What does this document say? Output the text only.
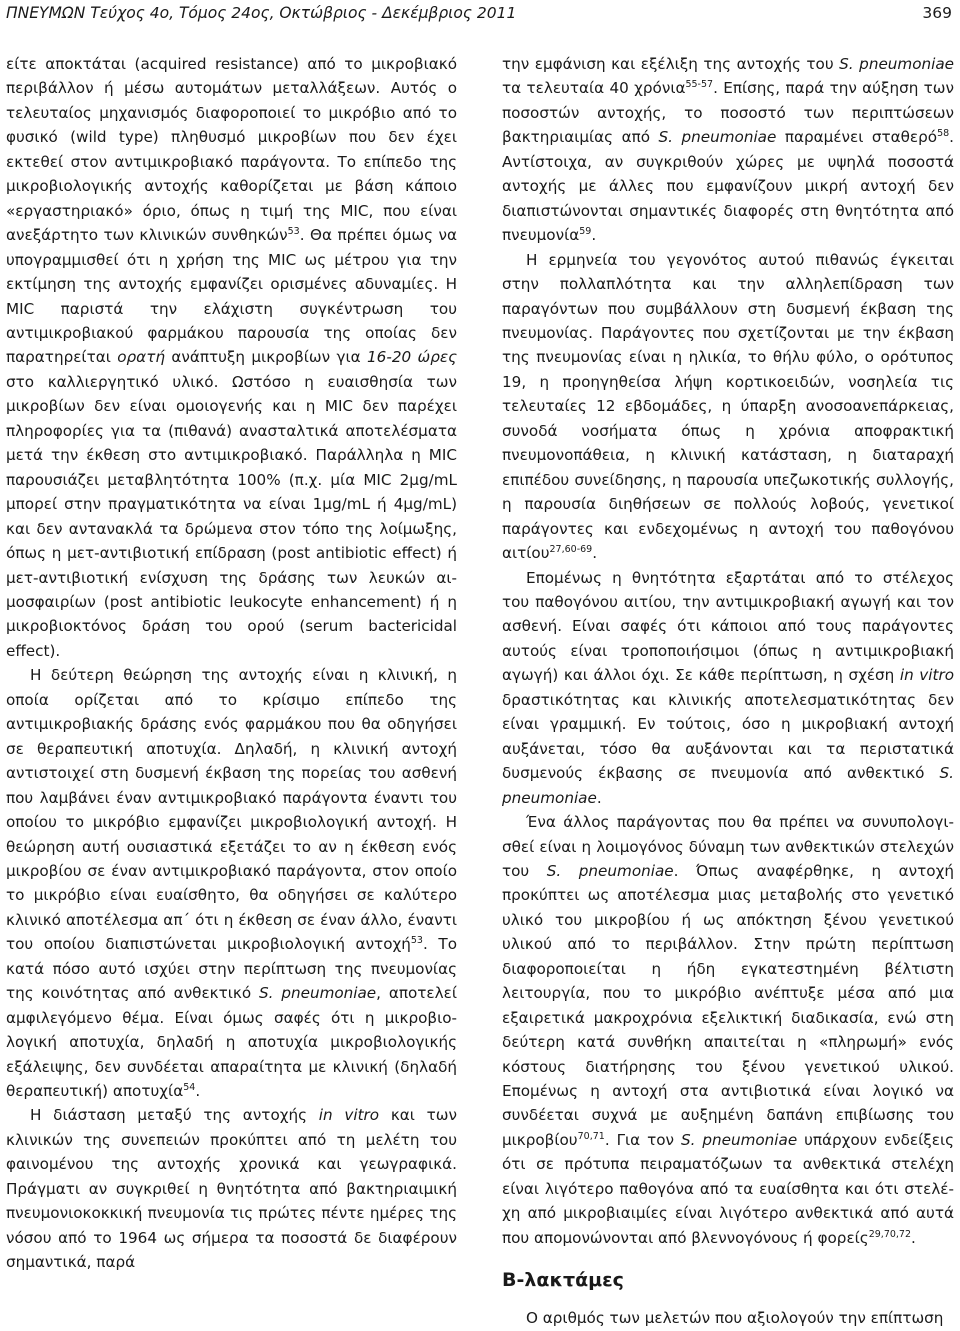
ΠΝΕΥΜΩΝ Τεύχος 4ο, Τόμος 24ος, Οκτώβριος - Δεκέμβριος 2011	369

είτε αποκτάται (acquired resistance) από το μικροβιακό περιβάλλον ή μέσω αυτομάτων μεταλλάξεων. Αυτός ο τελευταίος μηχανισμός διαφοροποιεί το μικρόβιο από το φυσικό (wild type) πληθυσμό μικροβίων που δεν έχει εκτεθεί στον αντιμικροβιακό παράγοντα. Το επίπεδο της μικροβιολογικής αντοχής καθορίζεται με βάση κάποιο «εργαστηριακό» όριο, όπως η τιμή της MIC, που είναι ανεξάρτητο των κλινικών συνθηκών$^{53}$. Θα πρέπει όμως να υπογραμμισθεί ότι η χρήση της MIC ως μέτρου για την εκτίμηση της αντοχής εμφανίζει ορισμένες αδυναμίες. Η MIC παριστά την ελάχιστη συγκέντρωση του αντιμικροβιακού φαρμάκου παρουσία της οποίας δεν παρατηρείται ορατή ανάπτυξη μικροβίων για 16-20 ώρες στο καλλιεργητικό υλικό. Ωστόσο η ευαισθησία των μικροβίων δεν είναι ομοιογενής και η MIC δεν παρέχει πληροφορίες για τα (πιθανά) ανασταλτικά αποτελέσματα μετά την έκθεση στο αντιμικροβιακό. Παράλληλα η MIC παρουσιάζει μεταβλητότητα 100% (π.χ. μία MIC 2μg/mL μπορεί στην πραγματικότητα να είναι 1μg/mL ή 4μg/mL) και δεν αντανακλά τα δρώμενα στον τόπο της λοίμωξης, όπως η μετ-αντιβιοτική επίδραση (post antibiotic effect) ή μετ-αντιβιοτική ενίσχυση της δράσης των λευκών αιμοσφαιρίων (post antibiotic leukocyte enhancement) ή η μικροβιοκτόνος δράση του ορού (serum bactericidal effect).

Η δεύτερη θεώρηση της αντοχής είναι η κλινική, η οποία ορίζεται από το κρίσιμο επίπεδο της αντιμικροβιακής δράσης ενός φαρμάκου που θα οδηγήσει σε θεραπευτική αποτυχία. Δηλαδή, η κλινική αντοχή αντιστοιχεί στη δυσμενή έκβαση της πορείας του ασθενή που λαμβάνει έναν αντιμικροβιακό παράγοντα έναντι του οποίου το μικρόβιο εμφανίζει μικροβιολογική αντοχή. Η θεώρηση αυτή ουσιαστικά εξετάζει το αν η έκθεση ενός μικροβίου σε έναν αντιμικροβιακό παράγοντα, στον οποίο το μικρόβιο είναι ευαίσθητο, θα οδηγήσει σε καλύτερο κλινικό αποτέλεσμα απ΄ ότι η έκθεση σε έναν άλλο, έναντι του οποίου διαπιστώνεται μικροβιολογική αντοχή$^{53}$. Το κατά πόσο αυτό ισχύει στην περίπτωση της πνευμονίας της κοινότητας από ανθεκτικό S. pneumoniae, αποτελεί αμφιλεγόμενο θέμα. Είναι όμως σαφές ότι η μικροβιολογική αποτυχία, δηλαδή η αποτυχία μικροβιολογικής εξάλειψης, δεν συνδέεται απαραίτητα με κλινική (δηλαδή θεραπευτική) αποτυχία$^{54}$.

Η διάσταση μεταξύ της αντοχής in vitro και των κλινικών της συνεπειών προκύπτει από τη μελέτη του φαινομένου της αντοχής χρονικά και γεωγραφικά. Πράγματι αν συγκριθεί η θνητότητα από βακτηριαιμική πνευμονιοκοκκική πνευμονία τις πρώτες πέντε ημέρες της νόσου από το 1964 ως σήμερα τα ποσοστά δε διαφέρουν σημαντικά, παρά

την εμφάνιση και εξέλιξη της αντοχής του S. pneumoniae τα τελευταία 40 χρόνια$^{55-57}$. Επίσης, παρά την αύξηση των ποσοστών αντοχής, το ποσοστό των περιπτώσεων βακτηριαιμίας από S. pneumoniae παραμένει σταθερό$^{58}$. Αντίστοιχα, αν συγκριθούν χώρες με υψηλά ποσοστά αντοχής με άλλες που εμφανίζουν μικρή αντοχή δεν διαπιστώνονται σημαντικές διαφορές στη θνητότητα από πνευμονία$^{59}$.

Η ερμηνεία του γεγονότος αυτού πιθανώς έγκειται στην πολλαπλότητα και την αλληλεπίδραση των παραγόντων που συμβάλλουν στη δυσμενή έκβαση της πνευμονίας. Παράγοντες που σχετίζονται με την έκβαση της πνευμονίας είναι η ηλικία, το θήλυ φύλο, ο ορότυπος 19, η προηγηθείσα λήψη κορτικοειδών, νοσηλεία τις τελευταίες 12 εβδομάδες, η ύπαρξη ανοσοανεπάρκειας, συνοδά νοσήματα όπως η χρόνια αποφρακτική πνευμονοπάθεια, η κλινική κατάσταση, η διαταραχή επιπέδου συνείδησης, η παρουσία υπεζωκοτικής συλλογής, η παρουσία διηθήσεων σε πολλούς λοβούς, γενετικοί παράγοντες και ενδεχομένως η αντοχή του παθογόνου αιτίου$^{27,60-69}$.

Επομένως η θνητότητα εξαρτάται από το στέλεχος του παθογόνου αιτίου, την αντιμικροβιακή αγωγή και τον ασθενή. Είναι σαφές ότι κάποιοι από τους παράγοντες αυτούς είναι τροποποιήσιμοι (όπως η αντιμικροβιακή αγωγή) και άλλοι όχι. Σε κάθε περίπτωση, η σχέση in vitro δραστικότητας και κλινικής αποτελεσματικότητας δεν είναι γραμμική. Εν τούτοις, όσο η μικροβιακή αντοχή αυξάνεται, τόσο θα αυξάνονται και τα περιστατικά δυσμενούς έκβασης σε πνευμονία από ανθεκτικό S. pneumoniae.

Ένα άλλος παράγοντας που θα πρέπει να συνυπολογισθεί είναι η λοιμογόνος δύναμη των ανθεκτικών στελεχών του S. pneumoniae. Όπως αναφέρθηκε, η αντοχή προκύπτει ως αποτέλεσμα μιας μεταβολής στο γενετικό υλικό του μικροβίου ή ως απόκτηση ξένου γενετικού υλικού από το περιβάλλον. Στην πρώτη περίπτωση διαφοροποιείται η ήδη εγκατεστημένη βέλτιστη λειτουργία, που το μικρόβιο ανέπτυξε μέσα από μια εξαιρετικά μακροχρόνια εξελικτική διαδικασία, ενώ στη δεύτερη κατά συνθήκη απαιτείται η «πληρωμή» ενός κόστους διατήρησης του ξένου γενετικού υλικού. Επομένως η αντοχή στα αντιβιοτικά είναι λογικό να συνδέεται συχνά με αυξημένη δαπάνη επιβίωσης του μικροβίου$^{70,71}$. Για τον S. pneumoniae υπάρχουν ενδείξεις ότι σε πρότυπα πειραματόζωων τα ανθεκτικά στελέχη είναι λιγότερο παθογόνα από τα ευαίσθητα και ότι στελέχη από μικροβιαιμίες είναι λιγότερο ανθεκτικά από αυτά που απομονώνονται από βλεννογόνους ή φορείς$^{29,70,72}$.

Β-λακτάμες

Ο αριθμός των μελετών που αξιολογούν την επίπτωση
